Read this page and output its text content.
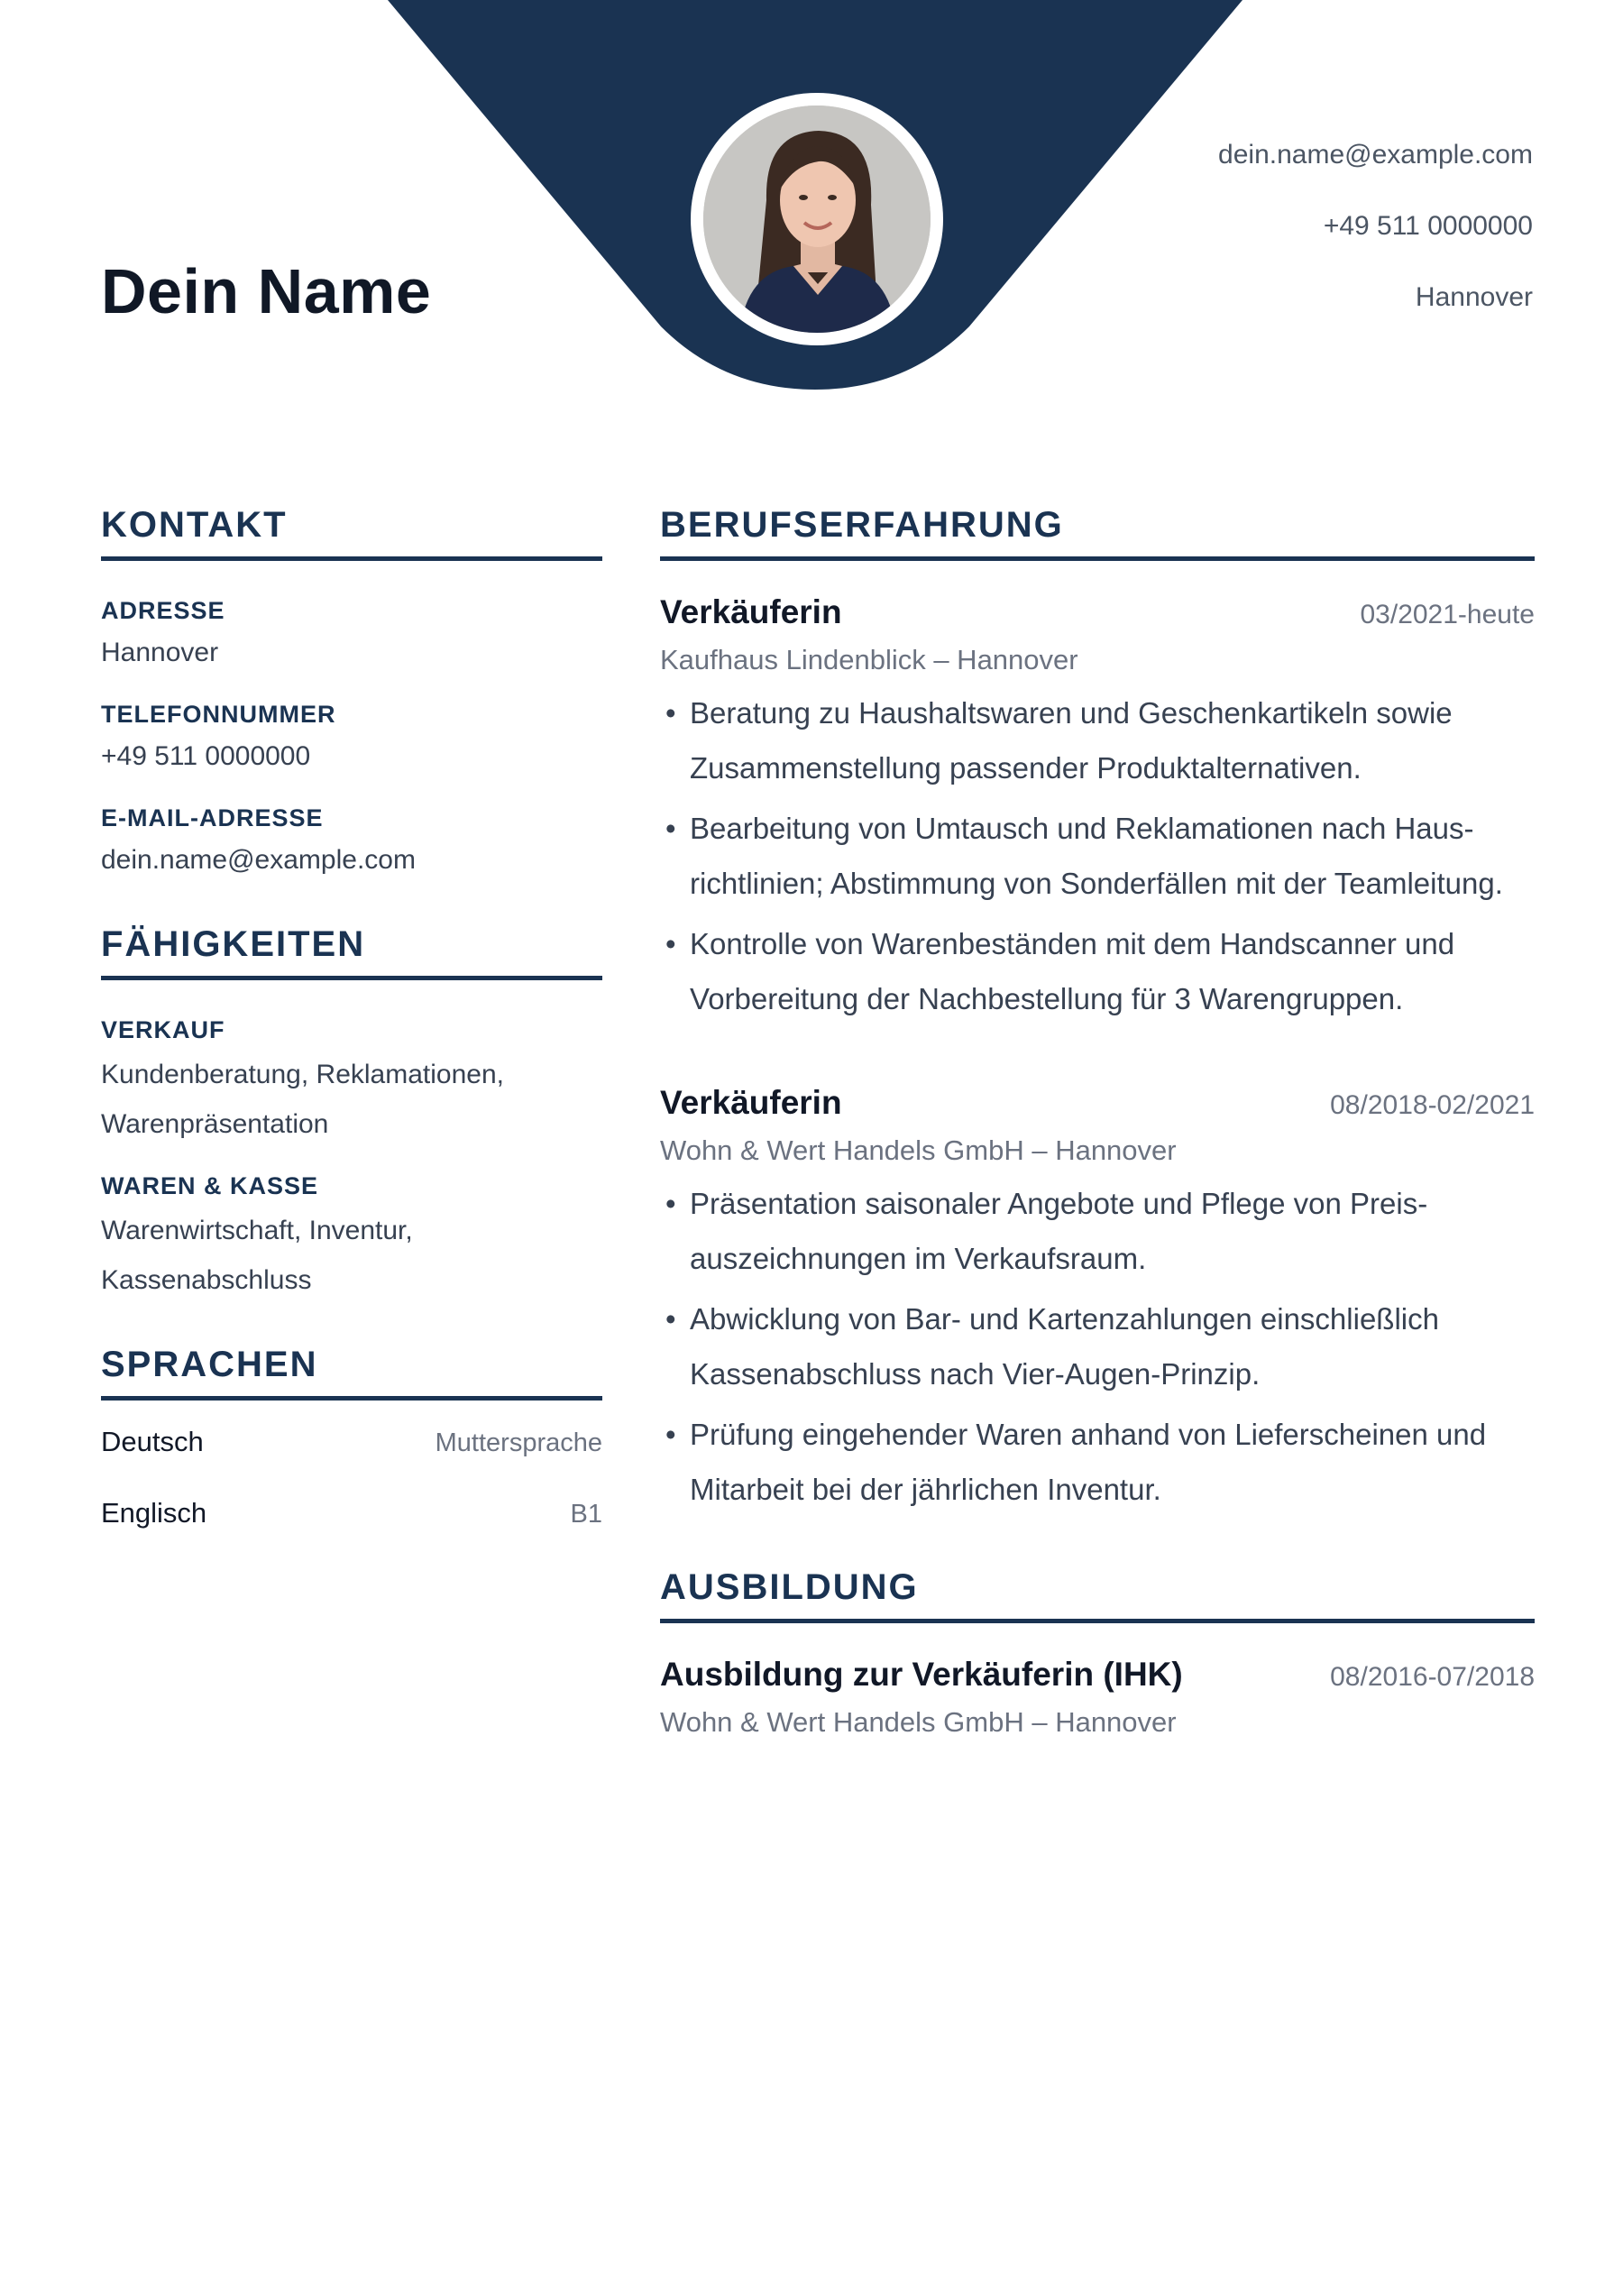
Dein Name
dein.name@example.com
+49 511 0000000
Hannover
KONTAKT
ADRESSE
Hannover
TELEFONNUMMER
+49 511 0000000
E-MAIL-ADRESSE
dein.name@example.com
FÄHIGKEITEN
VERKAUF
Kundenberatung, Reklamationen,
Warenpräsentation
WAREN & KASSE
Warenwirtschaft, Inventur,
Kassenabschluss
SPRACHEN
Deutsch	Muttersprache
Englisch	B1
BERUFSERFAHRUNG
Verkäuferin	03/2021-heute
Kaufhaus Lindenblick – Hannover
• Beratung zu Haushaltswaren und Geschenkartikeln sowie Zusammenstellung passender Produktalternativen.
• Bearbeitung von Umtausch und Reklamationen nach Hausrichtlinien; Abstimmung von Sonderfällen mit der Teamleitung.
• Kontrolle von Warenbeständen mit dem Handscanner und Vorbereitung der Nachbestellung für 3 Warengruppen.
Verkäuferin	08/2018-02/2021
Wohn & Wert Handels GmbH – Hannover
• Präsentation saisonaler Angebote und Pflege von Preisauszeichnungen im Verkaufsraum.
• Abwicklung von Bar- und Kartenzahlungen einschließlich Kassenabschluss nach Vier-Augen-Prinzip.
• Prüfung eingehender Waren anhand von Lieferscheinen und Mitarbeit bei der jährlichen Inventur.
AUSBILDUNG
Ausbildung zur Verkäuferin (IHK)	08/2016-07/2018
Wohn & Wert Handels GmbH – Hannover
